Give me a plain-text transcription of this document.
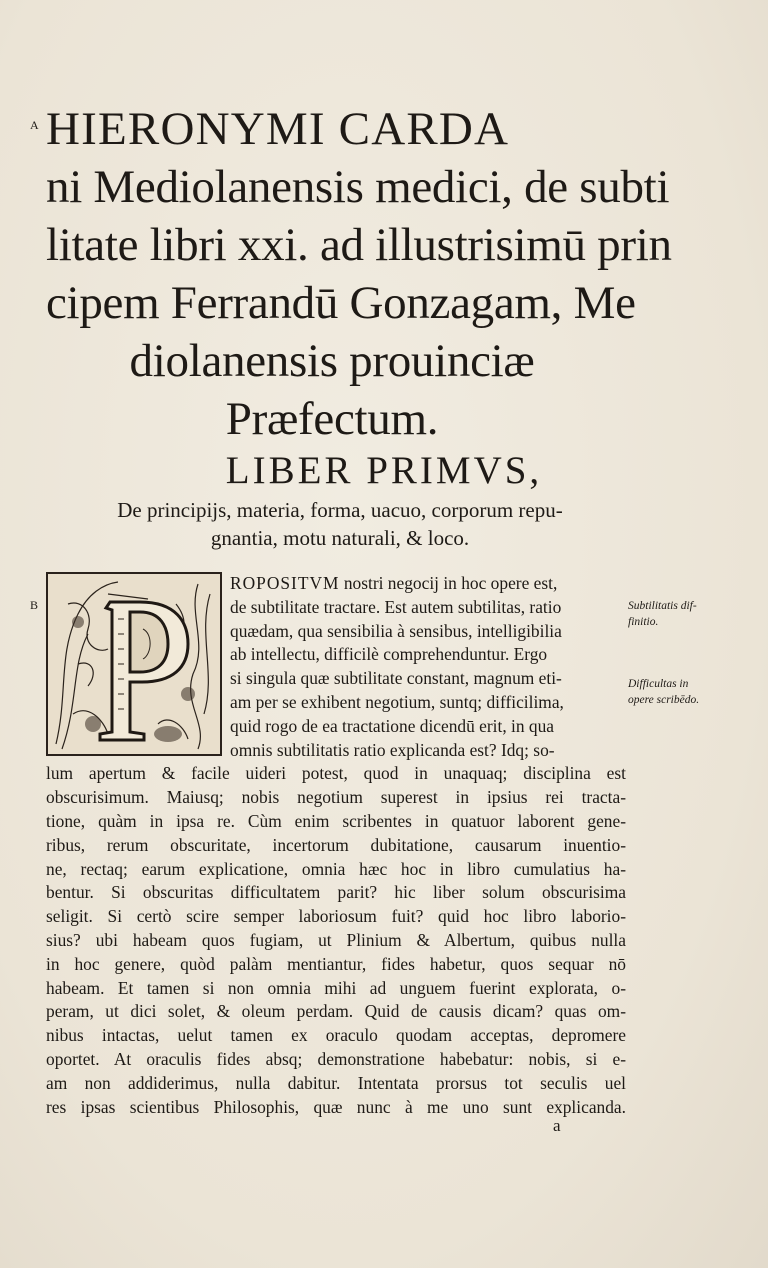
A
B
HIERONYMI CARDA
ni Mediolanensis medici, de subti
litate libri xxi. ad illustrisimū prin
cipem Ferrandū Gonzagam, Me
diolanensis prouinciæ
Præfectum.
LIBER PRIMVS,
De principijs, materia, forma, uacuo, corporum repu-
gnantia, motu naturali, & loco.
ROPOSITVM nostri negocij in hoc opere est,
de subtilitate tractare. Est autem subtilitas, ratio
quædam, qua sensibilia à sensibus, intelligibilia
ab intellectu, difficilè comprehenduntur. Ergo
si singula quæ subtilitate constant, magnum eti-
am per se exhibent negotium, suntq; difficilima,
quid rogo de ea tractatione dicendū erit, in qua
omnis subtilitatis ratio explicanda est? Idq; so-
lum apertum & facile uideri potest, quod in unaquaq; disciplina est
obscurisimum. Maiusq; nobis negotium superest in ipsius rei tracta-
tione, quàm in ipsa re. Cùm enim scribentes in quatuor laborent gene-
ribus, rerum obscuritate, incertorum dubitatione, causarum inuentio-
ne, rectaq; earum explicatione, omnia hæc hoc in libro cumulatius ha-
bentur. Si obscuritas difficultatem parit? hic liber solum obscurisima
seligit. Si certò scire semper laboriosum fuit? quid hoc libro laborio-
sius? ubi habeam quos fugiam, ut Plinium & Albertum, quibus nulla
in hoc genere, quòd palàm mentiantur, fides habetur, quos sequar nō
habeam. Et tamen si non omnia mihi ad unguem fuerint explorata, o-
peram, ut dici solet, & oleum perdam. Quid de causis dicam? quas om-
nibus intactas, uelut tamen ex oraculo quodam acceptas, depromere
oportet. At oraculis fides absq; demonstratione habebatur: nobis, si e-
am non addiderimus, nulla dabitur. Intentata prorsus tot seculis uel
res ipsas scientibus Philosophis, quæ nunc à me uno sunt explicanda.
Subtilitatis dif-
finitio.
Difficultas in
opere scribēdo.
a
